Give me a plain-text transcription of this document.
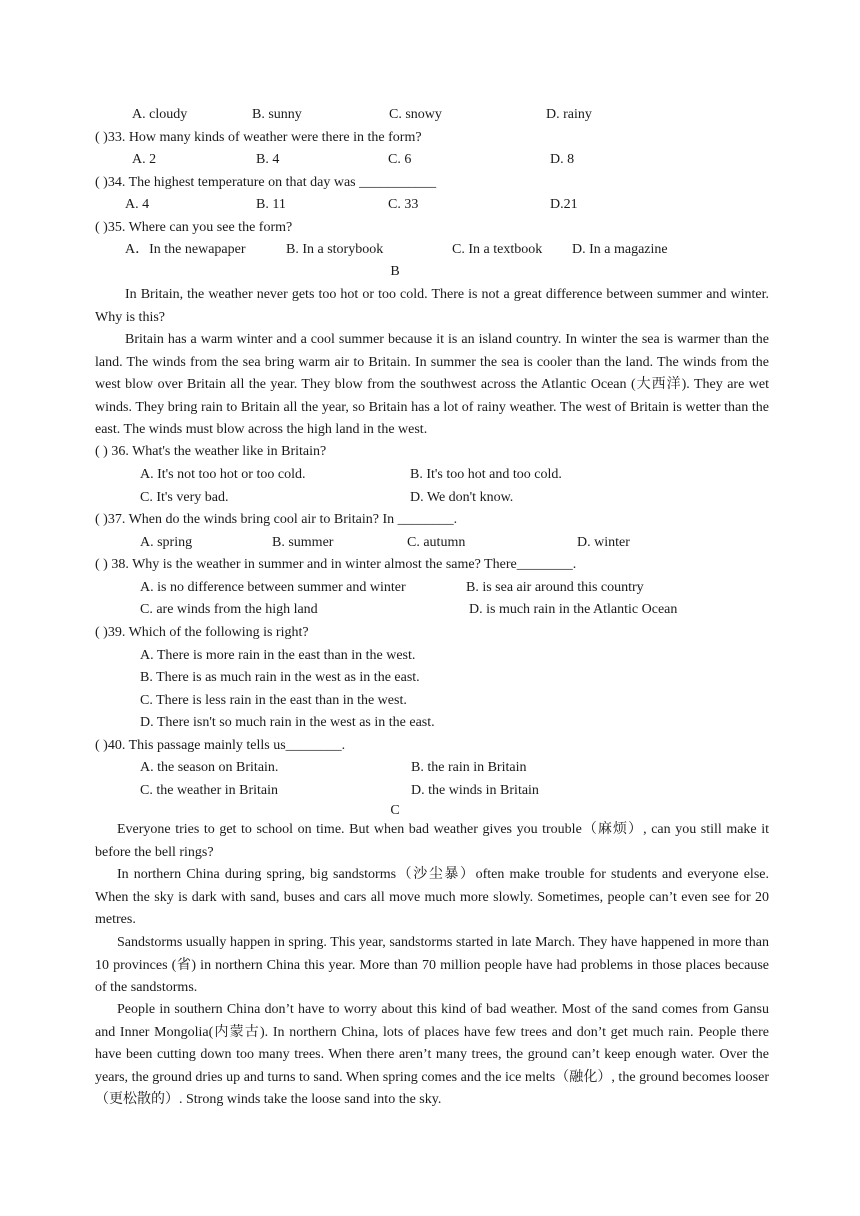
A. cloudy	B. sunny	C. snowy	D. rainy
( )33. How many kinds of weather were there in the form?
A. 2	B. 4	C. 6	D. 8
( )34. The highest temperature on that day was ___________
A. 4	B. 11	C. 33	D.21
( )35. Where can you see the form?
A．In the newapaper	B. In a storybook	C. In a textbook D. In a magazine
B

In Britain, the weather never gets too hot or too cold. There is not a great difference between summer and winter. Why is this?

Britain has a warm winter and a cool summer because it is an island country. In winter the sea is warmer than the land. The winds from the sea bring warm air to Britain. In summer the sea is cooler than the land. The winds from the west blow over Britain all the year. They blow from the southwest across the Atlantic Ocean (大西洋). They are wet winds. They bring rain to Britain all the year, so Britain has a lot of rainy weather. The west of Britain is wetter than the east. The winds must blow across the high land in the west.

( ) 36. What's the weather like in Britain?
A. It's not too hot or too cold.	B. It's too hot and too cold.
C. It's very bad.	D. We don't know.
( )37. When do the winds bring cool air to Britain? In ________.
A. spring	B. summer	C. autumn	D. winter
( ) 38. Why is the weather in summer and in winter almost the same? There________.
A. is no difference between summer and winter	B. is sea air around this country
C. are winds from the high land	D. is much rain in the Atlantic Ocean
( )39. Which of the following is right?
A. There is more rain in the east than in the west.
B. There is as much rain in the west as in the east.
C. There is less rain in the east than in the west.
D. There isn't so much rain in the west as in the east.
( )40. This passage mainly tells us________.
A. the season on Britain.	B. the rain in Britain
C. the weather in Britain	D. the winds in Britain
C

Everyone tries to get to school on time. But when bad weather gives you trouble（麻烦）, can you still make it before the bell rings?

In northern China during spring, big sandstorms（沙尘暴）often make trouble for students and everyone else. When the sky is dark with sand, buses and cars all move much more slowly. Sometimes, people can’t even see for 20 metres.

Sandstorms usually happen in spring. This year, sandstorms started in late March. They have happened in more than 10 provinces (省) in northern China this year. More than 70 million people have had problems in those places because of the sandstorms.

People in southern China don’t have to worry about this kind of bad weather. Most of the sand comes from Gansu and Inner Mongolia(内蒙古). In northern China, lots of places have few trees and don’t get much rain. People there have been cutting down too many trees. When there aren’t many trees, the ground can’t keep enough water. Over the years, the ground dries up and turns to sand. When spring comes and the ice melts（融化）, the ground becomes looser（更松散的）. Strong winds take the loose sand into the sky.
